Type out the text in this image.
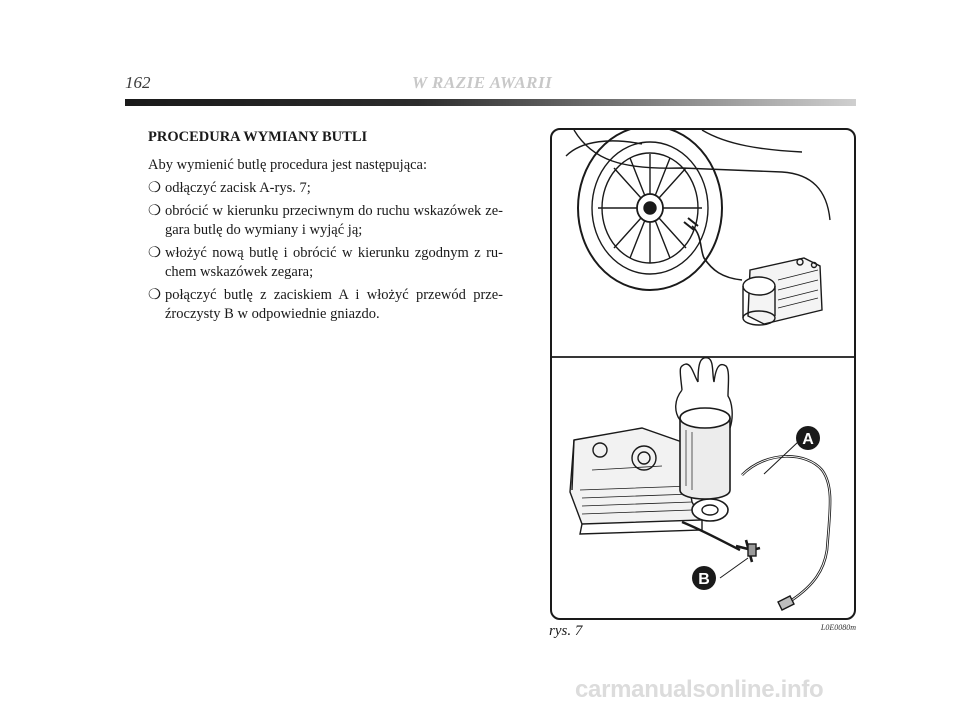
162	W RAZIE AWARII
PROCEDURA WYMIANY BUTLI
Aby wymienić butlę procedura jest następująca:
❍ odłączyć zacisk A-rys. 7;
❍ obrócić w kierunku przeciwnym do ruchu wskazówek ze-gara butlę do wymiany i wyjąć ją;
❍ włożyć nową butlę i obrócić w kierunku zgodnym z ru-chem wskazówek zegara;
❍ połączyć butlę z zaciskiem A i włożyć przewód prze-źroczysty B w odpowiednie gniazdo.
A
B
rys. 7	L0E0080m
carmanualsonline.info
